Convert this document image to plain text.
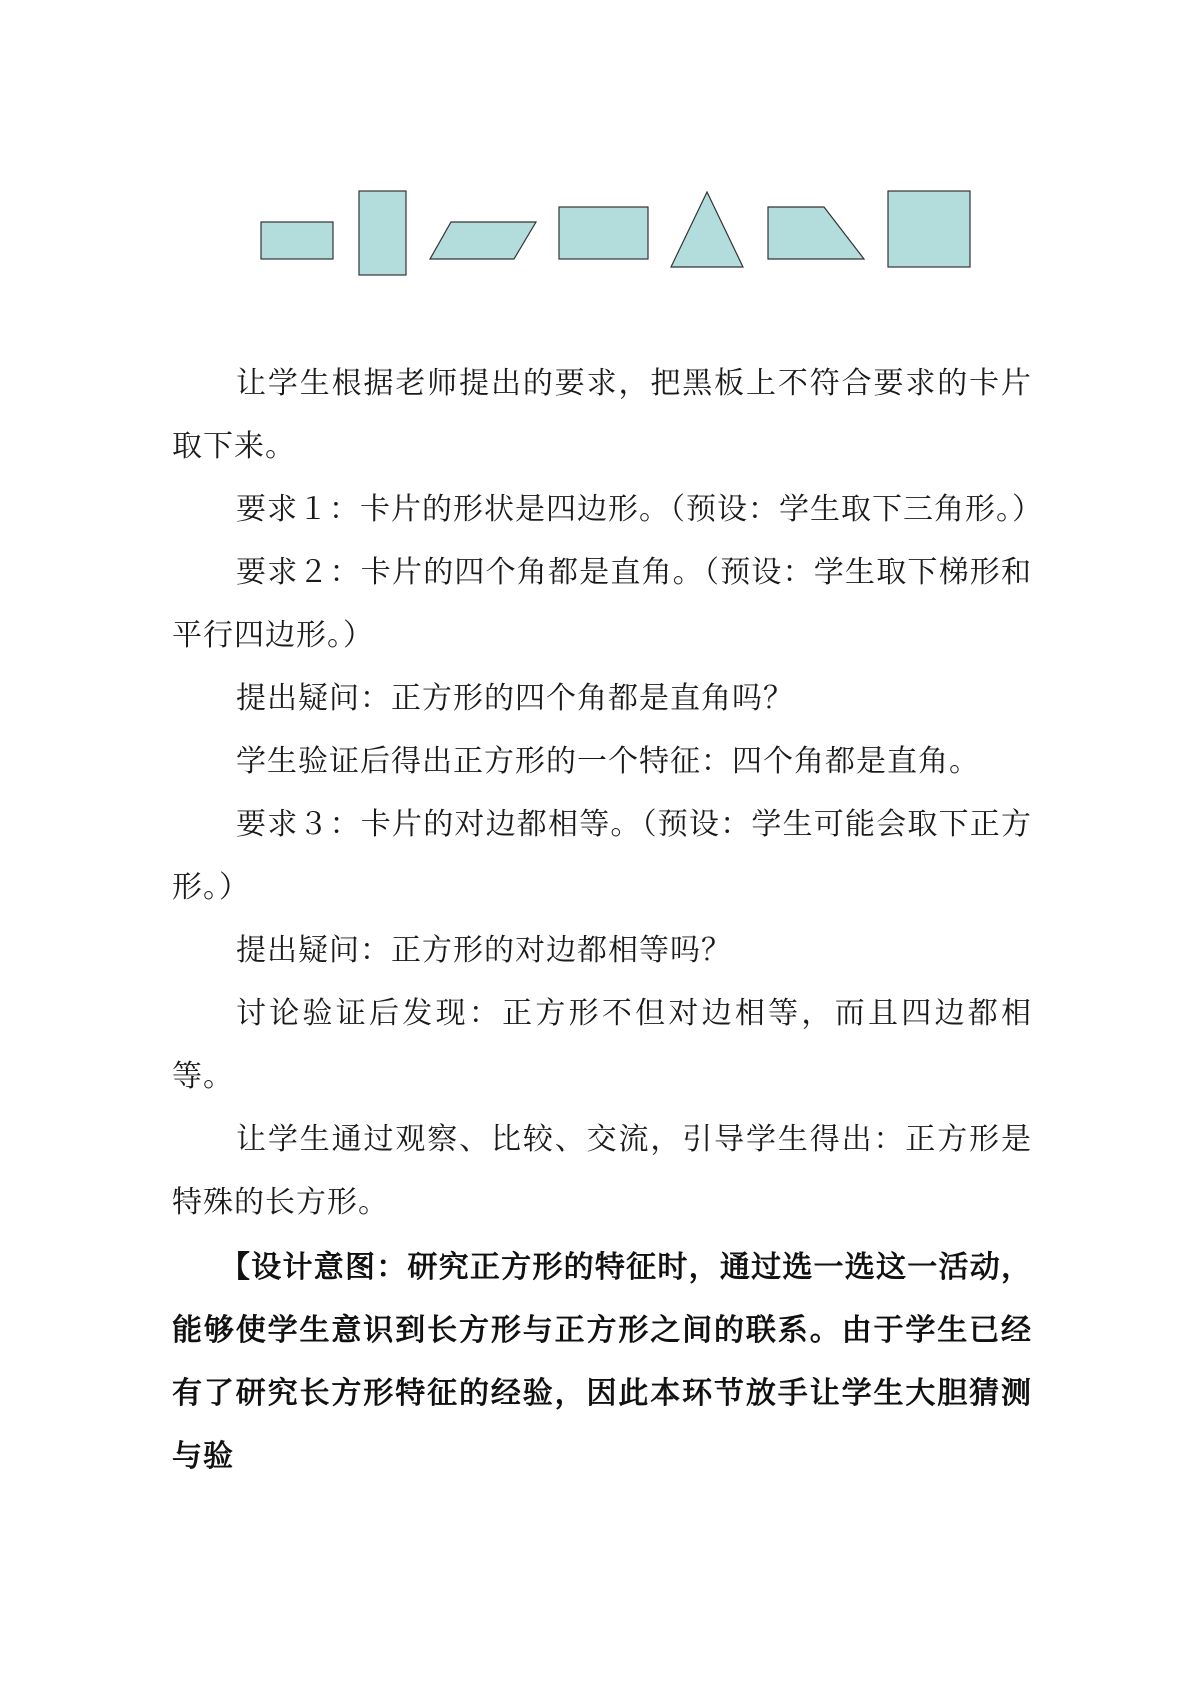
让学生根据老师提出的要求，把黑板上不符合要求的卡片取下来。

要求１：卡片的形状是四边形。（预设：学生取下三角形。）

要求２：卡片的四个角都是直角。（预设：学生取下梯形和平行四边形。）

提出疑问：正方形的四个角都是直角吗？

学生验证后得出正方形的一个特征：四个角都是直角。

要求３：卡片的对边都相等。（预设：学生可能会取下正方形。）

提出疑问：正方形的对边都相等吗？

讨论验证后发现：正方形不但对边相等，而且四边都相等。

让学生通过观察、比较、交流，引导学生得出：正方形是特殊的长方形。

【设计意图：研究正方形的特征时，通过选一选这一活动，能够使学生意识到长方形与正方形之间的联系。由于学生已经有了研究长方形特征的经验，因此本环节放手让学生大胆猜测与验
